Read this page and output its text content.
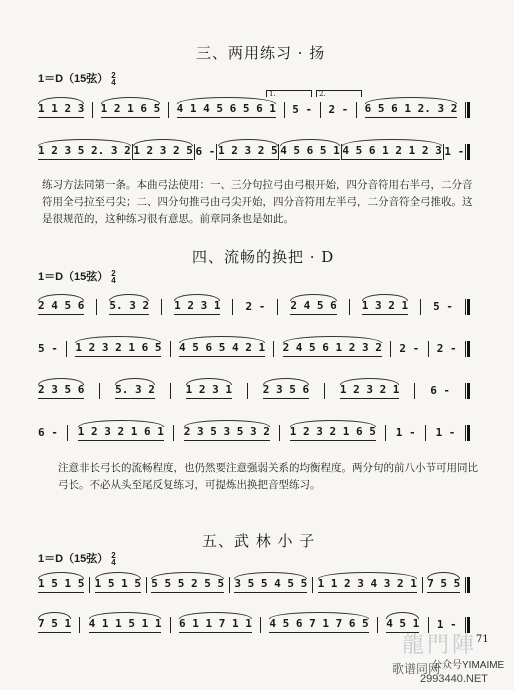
三、两用练习 · 扬
1＝D（15弦） 2
4
1.	2.
1 1 2 3 1 2 1 6 5 4 1 4 5 6 5 6 1 5 - 2 - 6 5 6 1 2. 3 2
1 2 3 5 2. 3 2 1 2 3 2 5 6 - 1 2 3 2 5 4 5 6 5 1 4 5 6 1 2 1 2 3 1 -
练习方法同第一条。本曲弓法使用：一、三分句拉弓由弓根开始，四分音符用右半弓，二分音符用全弓拉至弓尖；二、四分句推弓由弓尖开始，四分音符用左半弓，二分音符全弓推收。这是很规范的，这种练习很有意思。前章同条也是如此。
四、流畅的换把 · D
1＝D（15弦） 2
4
2 4 5 6 5. 3 2 1 2 3 1 2 - 2 4 5 6 1 3 2 1 5 -
5 - 1 2 3 2 1 6 5 4 5 6 5 4 2 1 2 4 5 6 1 2 3 2 2 - 2 -
2 3 5 6	5. 3 2	1 2 3 1	2 3 5 6	1 2 3 2 1	6 -
6 - 1 2 3 2 1 6 1 2 3 5 3 5 3 2 1 2 3 2 1 6 5 1 - 1 -
注意非长弓长的流畅程度，也仍然要注意强弱关系的均衡程度。两分句的前八小节可用同比弓长。不必从头至尾反复练习，可提炼出换把音型练习。
五、武 林 小 子
1＝D（15弦） 2
4
1 5 1 5 1 5 1 5 5 5 5 2 5 5 3 5 5 4 5 5 1 1 2 3 4 3 2 1 7 5 5
7 5 1 4 1 1 5 1 1 6 1 1 7 1 1 4 5 6 7 1 7 6 5 4 5 1 1 -
71
龍門陣
歌谱同网
公众号YIMAIME
2993440.NET
